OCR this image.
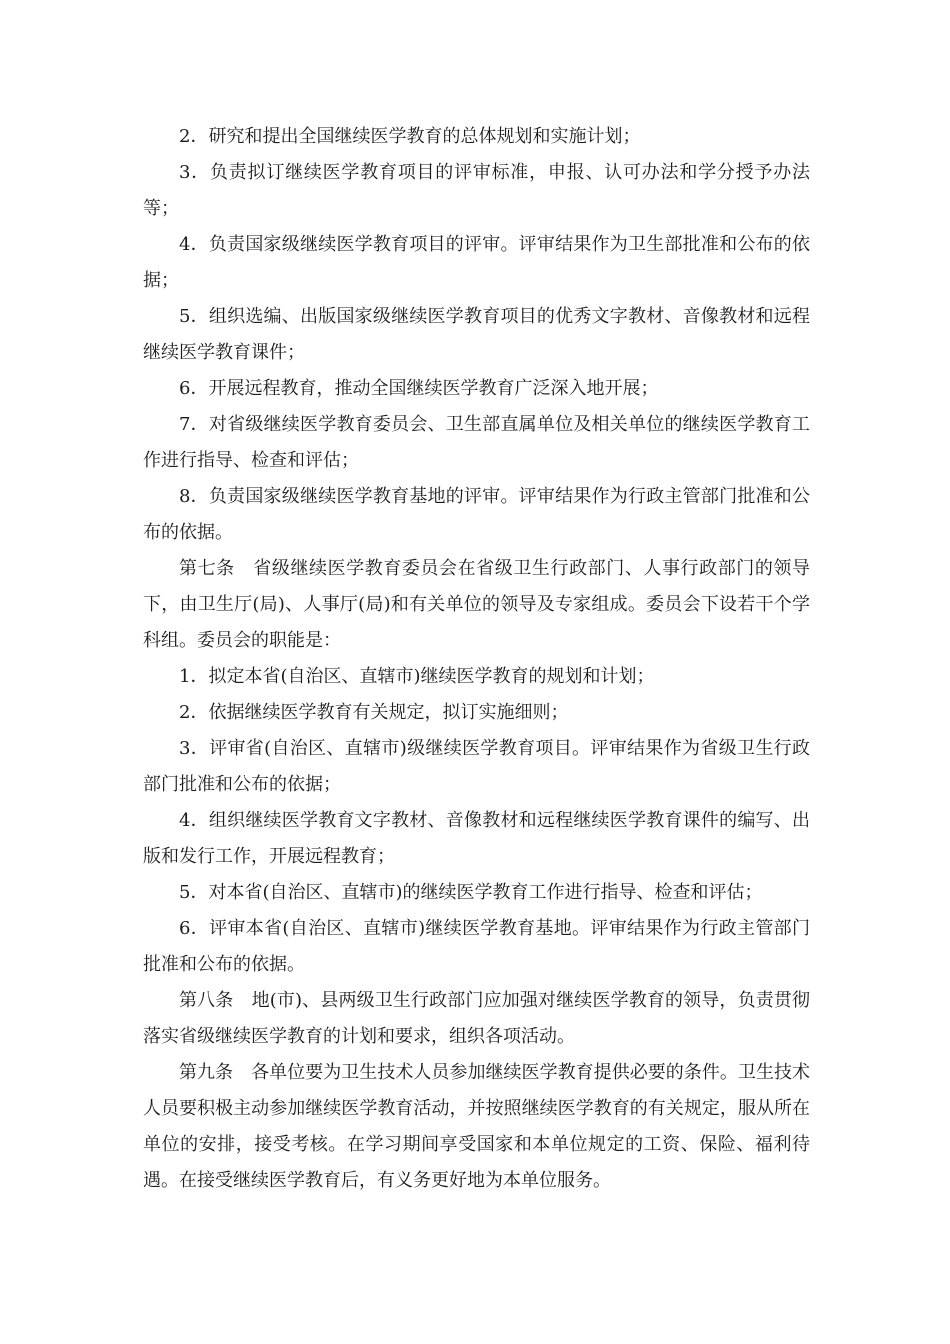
2．研究和提出全国继续医学教育的总体规划和实施计划；

3．负责拟订继续医学教育项目的评审标准，申报、认可办法和学分授予办法等；

4．负责国家级继续医学教育项目的评审。评审结果作为卫生部批准和公布的依据；

5．组织选编、出版国家级继续医学教育项目的优秀文字教材、音像教材和远程继续医学教育课件；

6．开展远程教育，推动全国继续医学教育广泛深入地开展；

7．对省级继续医学教育委员会、卫生部直属单位及相关单位的继续医学教育工作进行指导、检查和评估；

8．负责国家级继续医学教育基地的评审。评审结果作为行政主管部门批准和公布的依据。

第七条　省级继续医学教育委员会在省级卫生行政部门、人事行政部门的领导下，由卫生厅(局)、人事厅(局)和有关单位的领导及专家组成。委员会下设若干个学科组。委员会的职能是：

1．拟定本省(自治区、直辖市)继续医学教育的规划和计划；

2．依据继续医学教育有关规定，拟订实施细则；

3．评审省(自治区、直辖市)级继续医学教育项目。评审结果作为省级卫生行政部门批准和公布的依据；

4．组织继续医学教育文字教材、音像教材和远程继续医学教育课件的编写、出版和发行工作，开展远程教育；

5．对本省(自治区、直辖市)的继续医学教育工作进行指导、检查和评估；

6．评审本省(自治区、直辖市)继续医学教育基地。评审结果作为行政主管部门批准和公布的依据。

第八条　地(市)、县两级卫生行政部门应加强对继续医学教育的领导，负责贯彻落实省级继续医学教育的计划和要求，组织各项活动。

第九条　各单位要为卫生技术人员参加继续医学教育提供必要的条件。卫生技术人员要积极主动参加继续医学教育活动，并按照继续医学教育的有关规定，服从所在单位的安排，接受考核。在学习期间享受国家和本单位规定的工资、保险、福利待遇。在接受继续医学教育后，有义务更好地为本单位服务。
